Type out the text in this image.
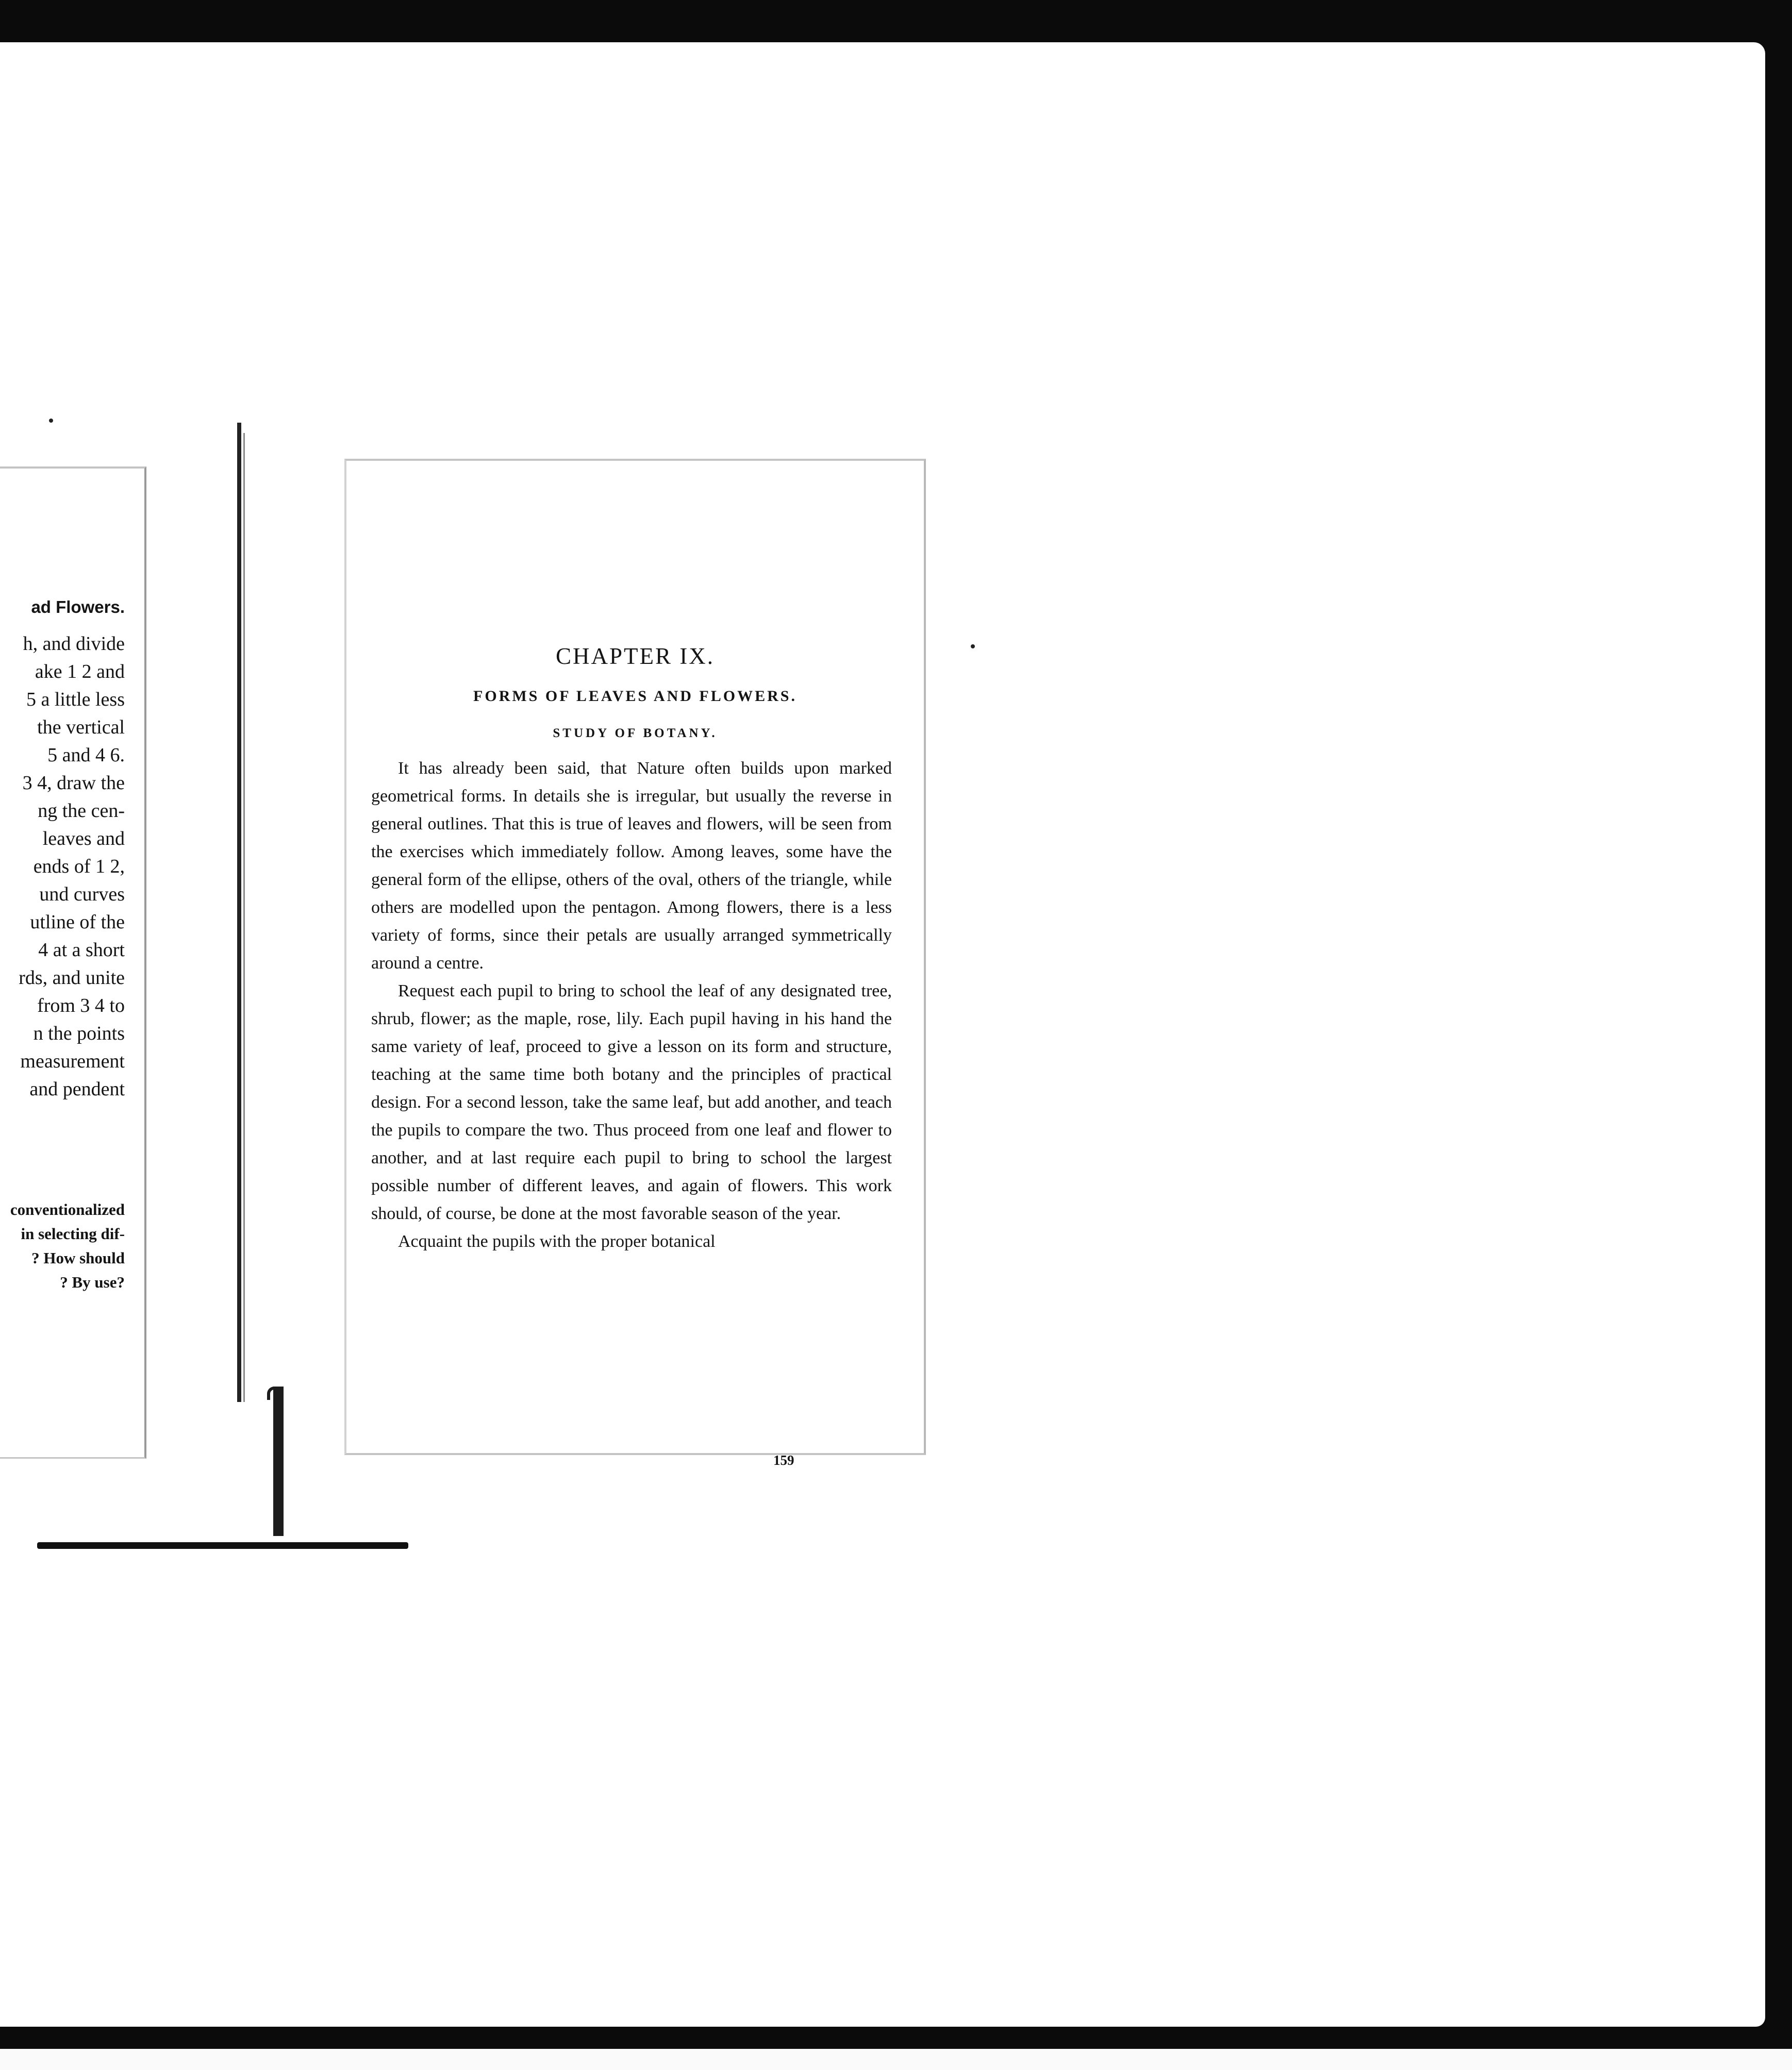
ad Flowers.

h, and divide

ake 1 2 and

5 a little less

the vertical

5 and 4 6.

3 4, draw the

ng the cen-

leaves and

ends of 1 2,

und curves

utline of the

4 at a short

rds, and unite

from 3 4 to

n the points

measurement

and pendent

conventionalized

in selecting dif-

? How should

? By use?

CHAPTER IX.
FORMS OF LEAVES AND FLOWERS.
STUDY OF BOTANY.

It has already been said, that Nature often builds upon marked geometrical forms. In details she is irregular, but usually the reverse in general outlines. That this is true of leaves and flowers, will be seen from the exercises which immediately follow. Among leaves, some have the general form of the ellipse, others of the oval, others of the triangle, while others are modelled upon the pentagon. Among flowers, there is a less variety of forms, since their petals are usually arranged symmetrically around a centre.

Request each pupil to bring to school the leaf of any designated tree, shrub, flower; as the maple, rose, lily. Each pupil having in his hand the same variety of leaf, proceed to give a lesson on its form and structure, teaching at the same time both botany and the principles of practical design. For a second lesson, take the same leaf, but add another, and teach the pupils to compare the two. Thus proceed from one leaf and flower to another, and at last require each pupil to bring to school the largest possible number of different leaves, and again of flowers. This work should, of course, be done at the most favorable season of the year.

Acquaint the pupils with the proper botanical

159
